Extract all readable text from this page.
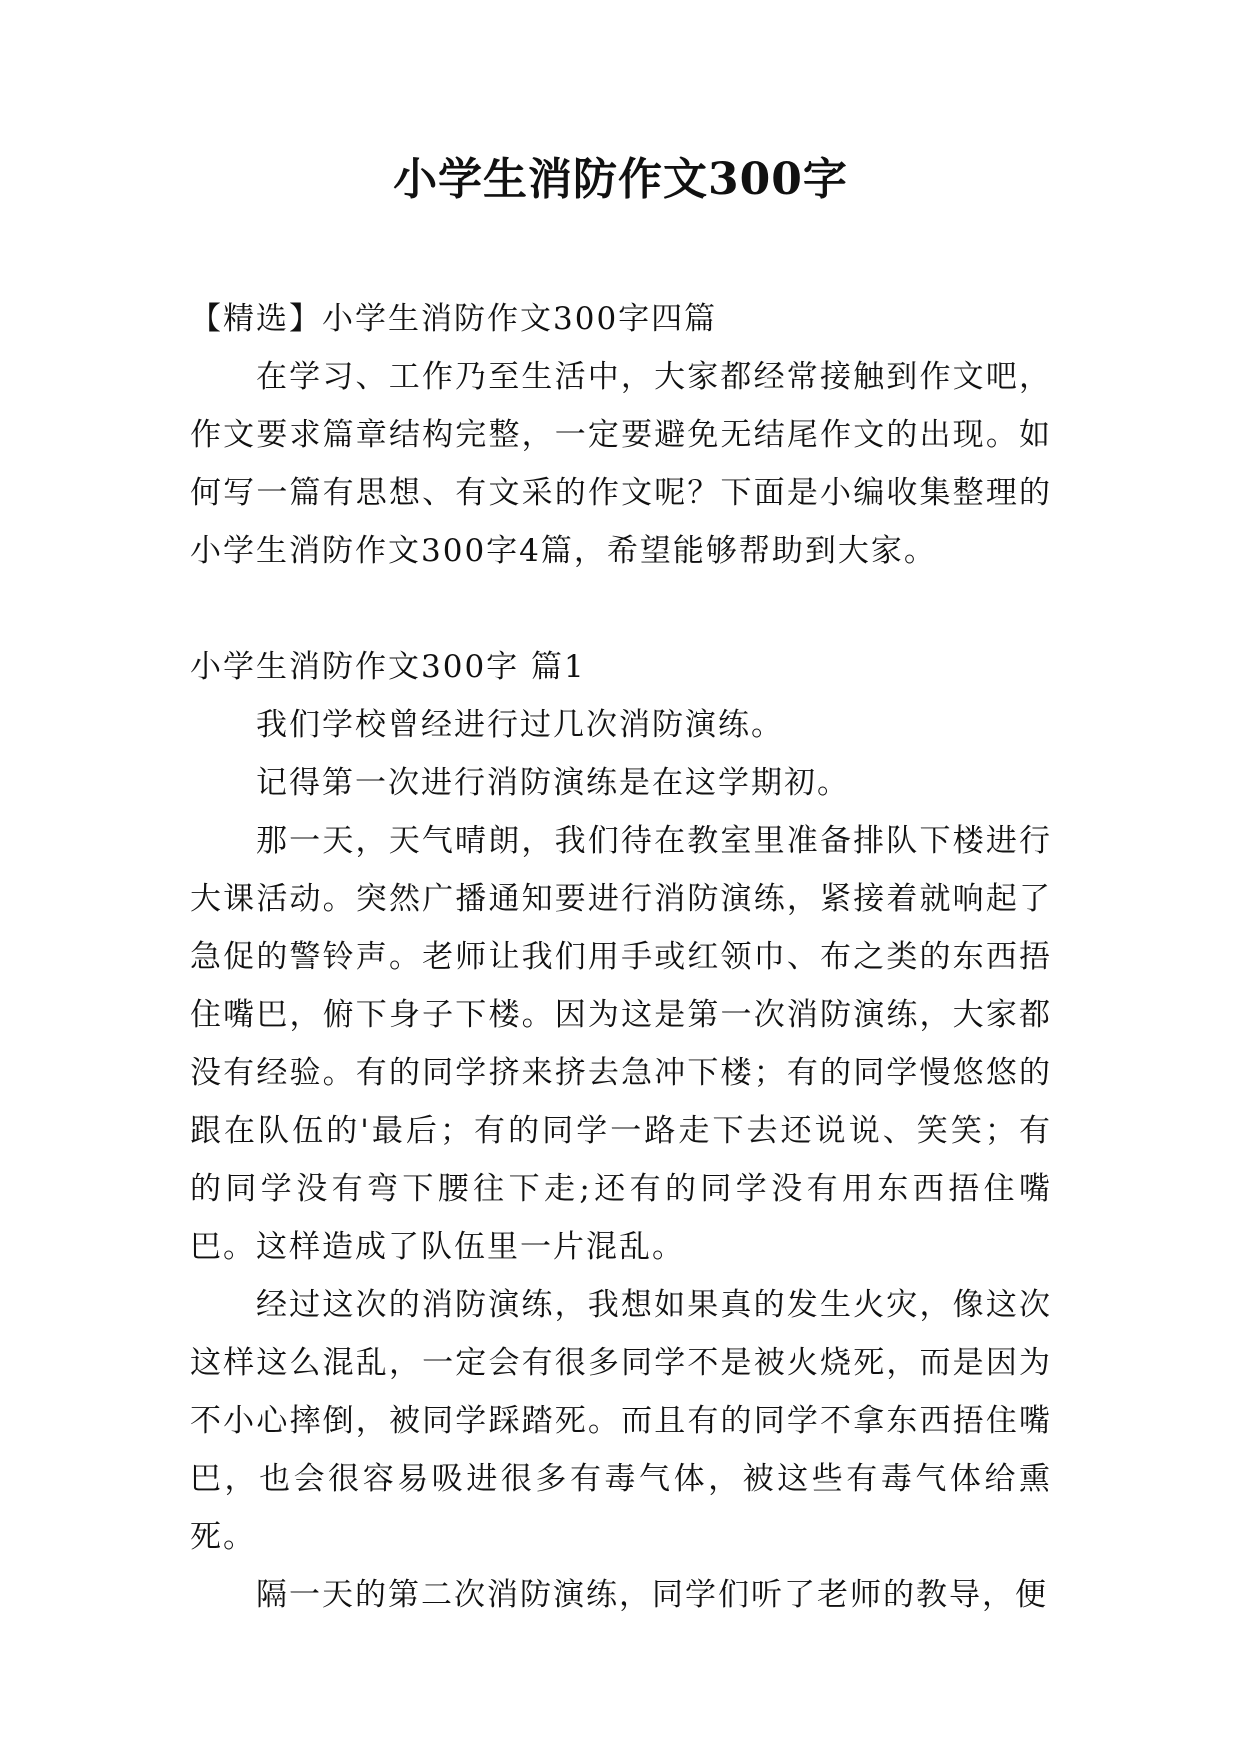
小学生消防作文300字

【精选】小学生消防作文300字四篇

在学习、工作乃至生活中，大家都经常接触到作文吧，作文要求篇章结构完整，一定要避免无结尾作文的出现。如何写一篇有思想、有文采的作文呢？下面是小编收集整理的小学生消防作文300字4篇，希望能够帮助到大家。

小学生消防作文300字 篇1

我们学校曾经进行过几次消防演练。

记得第一次进行消防演练是在这学期初。

那一天，天气晴朗，我们待在教室里准备排队下楼进行大课活动。突然广播通知要进行消防演练，紧接着就响起了急促的警铃声。老师让我们用手或红领巾、布之类的东西捂住嘴巴，俯下身子下楼。因为这是第一次消防演练，大家都没有经验。有的同学挤来挤去急冲下楼；有的同学慢悠悠的跟在队伍的'最后；有的同学一路走下去还说说、笑笑；有的同学没有弯下腰往下走;还有的同学没有用东西捂住嘴巴。这样造成了队伍里一片混乱。

经过这次的消防演练，我想如果真的发生火灾，像这次这样这么混乱，一定会有很多同学不是被火烧死，而是因为不小心摔倒，被同学踩踏死。而且有的同学不拿东西捂住嘴巴，也会很容易吸进很多有毒气体，被这些有毒气体给熏死。

隔一天的第二次消防演练，同学们听了老师的教导，便
